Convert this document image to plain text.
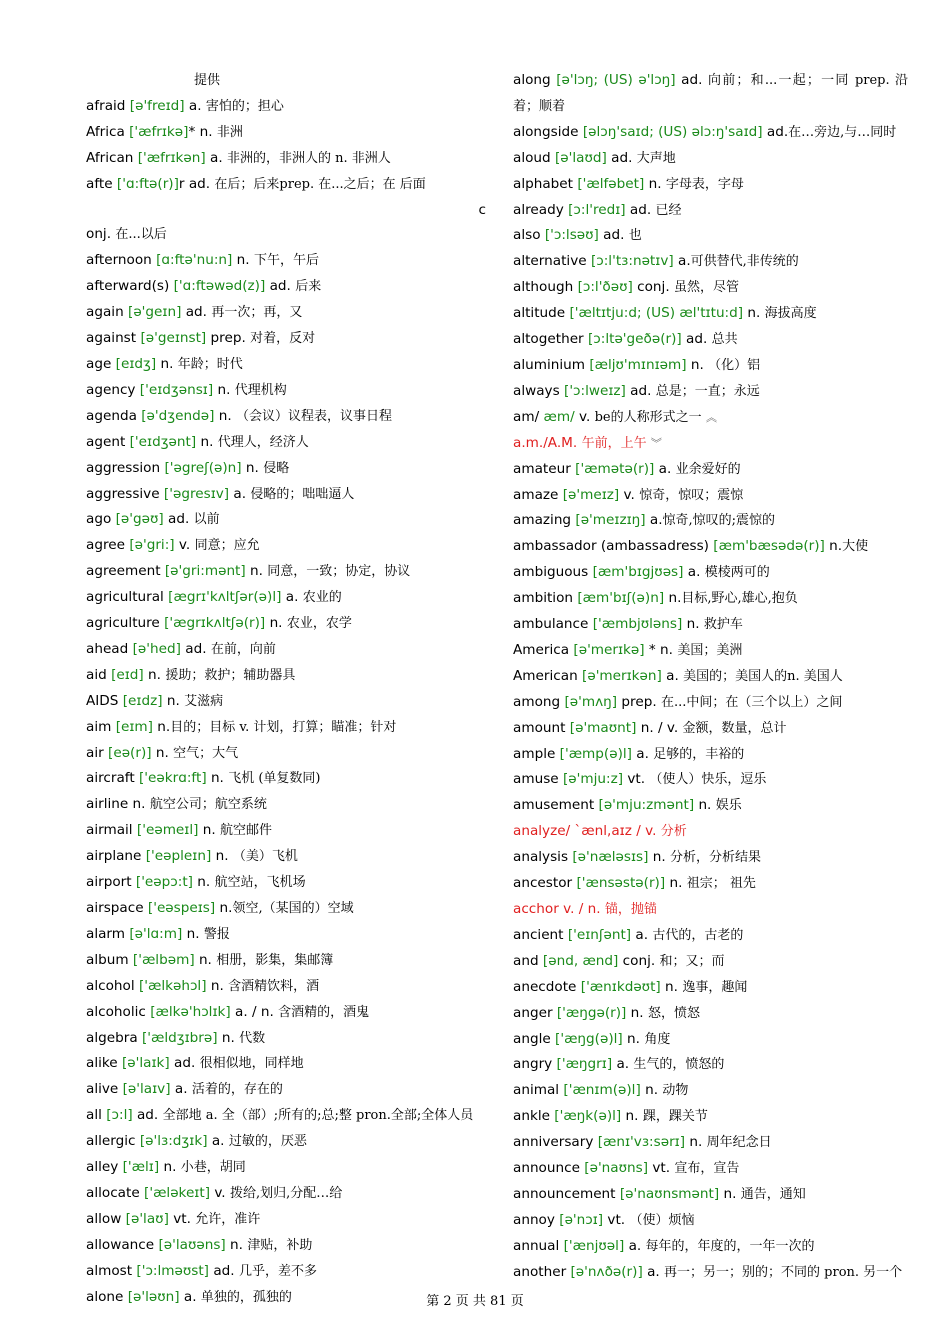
提供
afraid [ə'freɪd] a. 害怕的；担心
Africa ['æfrɪkə]* n. 非洲
African ['æfrɪkən] a. 非洲的，非洲人的 n. 非洲人
afte ['ɑ:ftə(r)]r ad. 在后；后来prep. 在...之后；在 后面
c
onj. 在...以后
afternoon [ɑ:ftə'nu:n] n. 下午，午后
afterward(s) ['ɑ:ftəwəd(z)] ad. 后来
again [ə'geɪn] ad. 再一次；再，又
against [ə'geɪnst] prep. 对着，反对
age [eɪdʒ] n. 年龄；时代
agency ['eɪdʒənsɪ] n. 代理机构
agenda [ə'dʒendə] n. （会议）议程表，议事日程
agent ['eɪdʒənt] n. 代理人，经济人
aggression ['əgreʃ(ə)n] n. 侵略
aggressive ['əgresɪv] a. 侵略的；咄咄逼人
ago [ə'gəʊ] ad. 以前
agree [ə'gri:] v. 同意；应允
agreement [ə'gri:mənt] n. 同意，一致；协定，协议
agricultural [ægrɪ'kʌltʃər(ə)l] a. 农业的
agriculture ['ægrɪkʌltʃə(r)] n. 农业，农学
ahead [ə'hed] ad. 在前，向前
aid [eɪd] n. 援助；救护；辅助器具
AIDS [eɪdz] n. 艾滋病
aim [eɪm] n.目的；目标 v. 计划，打算；瞄准；针对
air [eə(r)] n. 空气；大气
aircraft ['eəkrɑ:ft] n. 飞机 (单复数同)
airline n. 航空公司；航空系统
airmail ['eəmeɪl] n. 航空邮件
airplane ['eəpleɪn] n. （美）飞机
airport ['eəpɔ:t] n. 航空站，飞机场
airspace ['eəspeɪs] n.领空,（某国的）空域
alarm [ə'lɑ:m] n. 警报
album ['ælbəm] n. 相册，影集，集邮簿
alcohol ['ælkəhɔl] n. 含酒精饮料，酒
alcoholic [ælkə'hɔlɪk] a. / n. 含酒精的，酒鬼
algebra ['ældʒɪbrə] n. 代数
alike [ə'laɪk] ad. 很相似地，同样地
alive [ə'laɪv] a. 活着的，存在的
all [ɔ:l] ad. 全部地 a. 全（部）;所有的;总;整 pron.全部;全体人员
allergic [ə'lɜ:dʒɪk] a. 过敏的，厌恶
alley ['ælɪ] n. 小巷，胡同
allocate ['æləkeɪt] v. 拨给,划归,分配…给
allow [ə'laʊ] vt. 允许，准许
allowance [ə'laʊəns] n. 津贴，补助
almost ['ɔ:lməʊst] ad. 几乎，差不多
alone [ə'ləʊn] a. 单独的，孤独的
along [ə'lɔŋ; (US) ə'lɔŋ] ad. 向前；和...一起；一同 prep. 沿着；顺着
alongside [əlɔŋ'saɪd; (US) əlɔ:ŋ'saɪd] ad.在…旁边,与…同时
aloud [ə'laʊd] ad. 大声地
alphabet ['ælfəbet] n. 字母表，字母
already [ɔ:l'redɪ] ad. 已经
also ['ɔ:lsəʊ] ad. 也
alternative [ɔ:l'tɜ:nətɪv] a.可供替代,非传统的
although [ɔ:l'ðəʊ] conj. 虽然，尽管
altitude ['æltɪtju:d; (US) æl'tɪtu:d] n. 海拔高度
altogether [ɔ:ltə'geðə(r)] ad. 总共
aluminium [æljʊ'mɪnɪəm] n. （化）铝
always ['ɔ:lweɪz] ad. 总是；一直；永远
am/ æm/ v. be的人称形式之一 ︽
a.m./A.M. 午前，上午 ︾
amateur ['æmətə(r)] a. 业余爱好的
amaze [ə'meɪz] v. 惊奇，惊叹；震惊
amazing [ə'meɪzɪŋ] a.惊奇,惊叹的;震惊的
ambassador (ambassadress) [æm'bæsədə(r)] n.大使
ambiguous [æm'bɪgjʊəs] a. 模棱两可的
ambition [æm'bɪʃ(ə)n] n.目标,野心,雄心,抱负
ambulance ['æmbjʊləns] n. 救护车
America [ə'merɪkə] * n. 美国；美洲
American [ə'merɪkən] a. 美国的；美国人的n. 美国人
among [ə'mʌŋ] prep. 在...中间；在（三个以上）之间
amount [ə'maʊnt] n. / v. 金额，数量，总计
ample ['æmp(ə)l] a. 足够的，丰裕的
amuse [ə'mju:z] vt. （使人）快乐，逗乐
amusement [ə'mju:zmənt] n. 娱乐
analyze/ `ænl,aɪz / v. 分析
analysis [ə'næləsɪs] n. 分析，分析结果
ancestor ['ænsəstə(r)] n. 祖宗； 祖先
acchor v. / n. 锚，抛锚
ancient ['eɪnʃənt] a. 古代的，古老的
and [ənd, ænd] conj. 和；又；而
anecdote ['ænɪkdəʊt] n. 逸事，趣闻
anger ['æŋgə(r)] n. 怒，愤怒
angle ['æŋg(ə)l] n. 角度
angry ['æŋgrɪ] a. 生气的，愤怒的
animal ['ænɪm(ə)l] n. 动物
ankle ['æŋk(ə)l] n. 踝，踝关节
anniversary [ænɪ'vɜ:sərɪ] n. 周年纪念日
announce [ə'naʊns] vt. 宣布，宣告
announcement [ə'naʊnsmənt] n. 通告，通知
annoy [ə'nɔɪ] vt. （使）烦恼
annual ['ænjʊəl] a. 每年的，年度的，一年一次的
another [ə'nʌðə(r)] a. 再一；另一；别的；不同的 pron. 另一个
第 2 页 共 81 页
